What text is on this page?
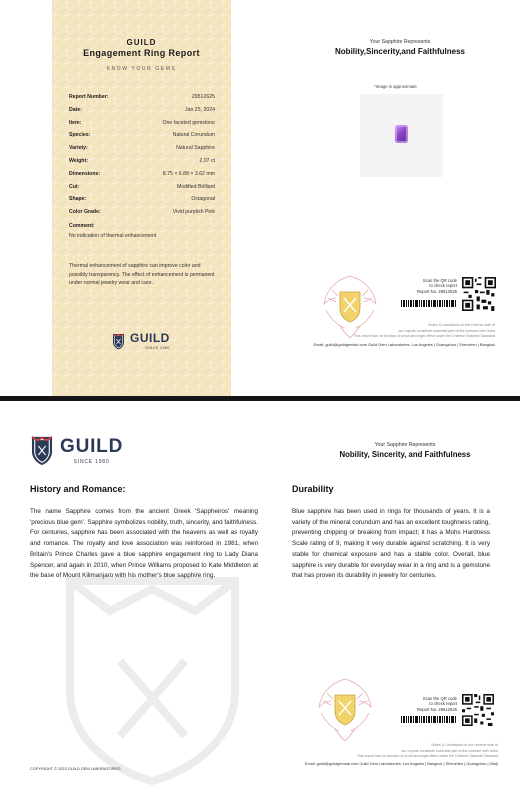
GUILD
Engagement Ring Report
KNOW YOUR GEMS
Report Number:	29512625
Date:	Jan 25, 2024
Item:	One faceted gemstone
Species:	Natural Corundum
Variety:	Natural Sapphire
Weight:	2.07 ct
Dimensions:	8.75 × 6.88 × 3.62 mm
Cut:	Modified Brilliant
Shape:	Octagonal
Color Grade:	Vivid purplish Pink
Comment:
No indication of thermal enhancement
Thermal enhancement of sapphire can improve color and possibly transparency. The effect of enhancement is permanent under normal jewelry wear and care.
GUILD
SINCE 1980
Your Sapphire Represents
Nobility,Sincerity,and Faithfulness
*Image is approximate
Scan the QR code
to check report
Report No. 29512625
Notes & Limitations on the reverse side of
our reports constitute essential part of the contract with Guild
This report has no function of proof and legal effect under the Chinese National Standard
Email: guild@guildgemlab.com Guild Gem Laboratories: Los Angeles | Guangzhou | Shenzhen | Bangkok
GUILD
SINCE 1980
History and Romance:
The name Sapphire comes from the ancient Greek 'Sappheiros' meaning 'precious blue gem'. Sapphire symbolizes nobility, truth, sincerity, and faithfulness. For centuries, sapphire has been associated with the heavens as well as royalty and romance. The royalty and love association was reinforced in 1981, when Britain's Prince Charles gave a blue sapphire engagement ring to Lady Diana Spencer, and again in 2010, when Prince Williams proposed to Kate Middleton at the base of Mount Kilimanjaro with his mother's blue sapphire ring.
Your Sapphire Represents
Nobility, Sincerity, and Faithfulness
Durability
Blue sapphire has been used in rings for thousands of years. It is a variety of the mineral corundum and has an excellent toughness rating, preventing chipping or breaking from impact; it has a Mohs Hardness Scale rating of 9, making it very durable against scratching. It is very stable for chemical exposure and has a stable color. Overall, blue sapphire is very durable for everyday wear in a ring and is a gemstone that has proven its durability in jewelry for centuries.
Scan the QR code
to check report
Report No. 29512625
Notes & Limitations on the reverse side of
our reports constitute essential part of the contract with Guild
This report has no function of proof and legal effect under the Chinese National Standard
Email: guild@guildgemlab.com Guild Gem Laboratories: Los Angeles | Bangkok | Shenzhen | Guangzhou | Zhuji
COPYRIGHT © 2023 GUILD GEM LABORATORIES
